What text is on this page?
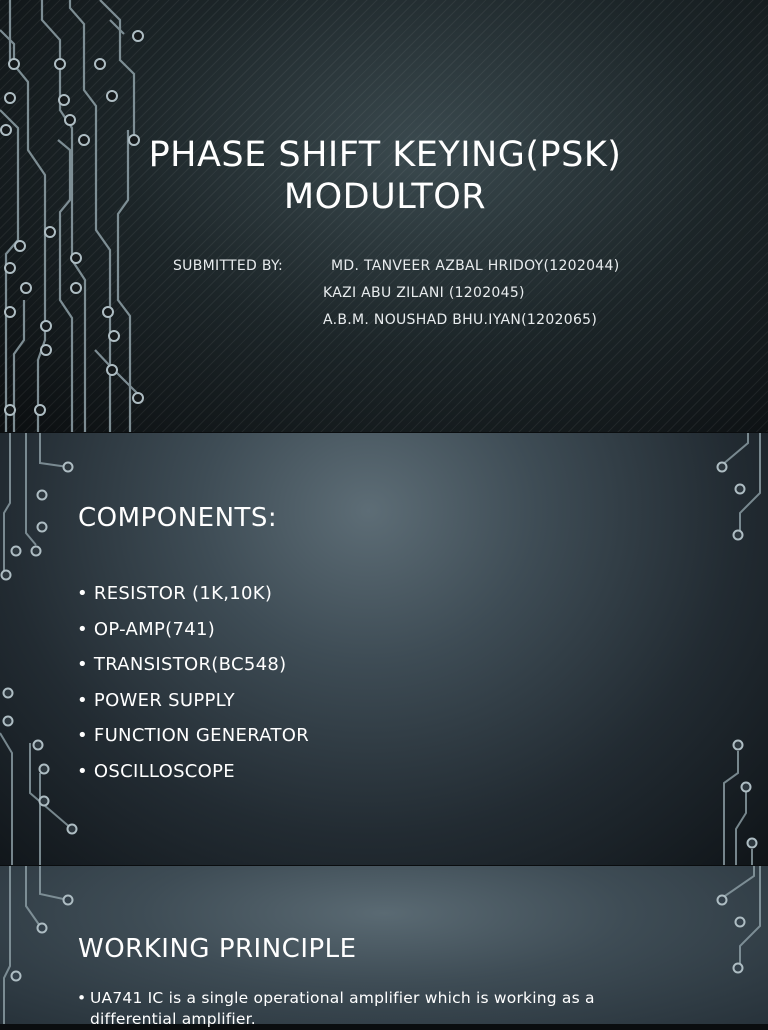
PHASE SHIFT KEYING(PSK) MODULTOR
SUBMITTED BY:	MD. TANVEER AZBAL HRIDOY(1202044)
KAZI ABU ZILANI (1202045)
A.B.M. NOUSHAD BHU.IYAN(1202065)
COMPONENTS:
• RESISTOR (1K,10K)
• OP-AMP(741)
• TRANSISTOR(BC548)
• POWER SUPPLY
• FUNCTION GENERATOR
• OSCILLOSCOPE
WORKING PRINCIPLE
• UA741 IC is a single operational amplifier which is working as a differential amplifier.
